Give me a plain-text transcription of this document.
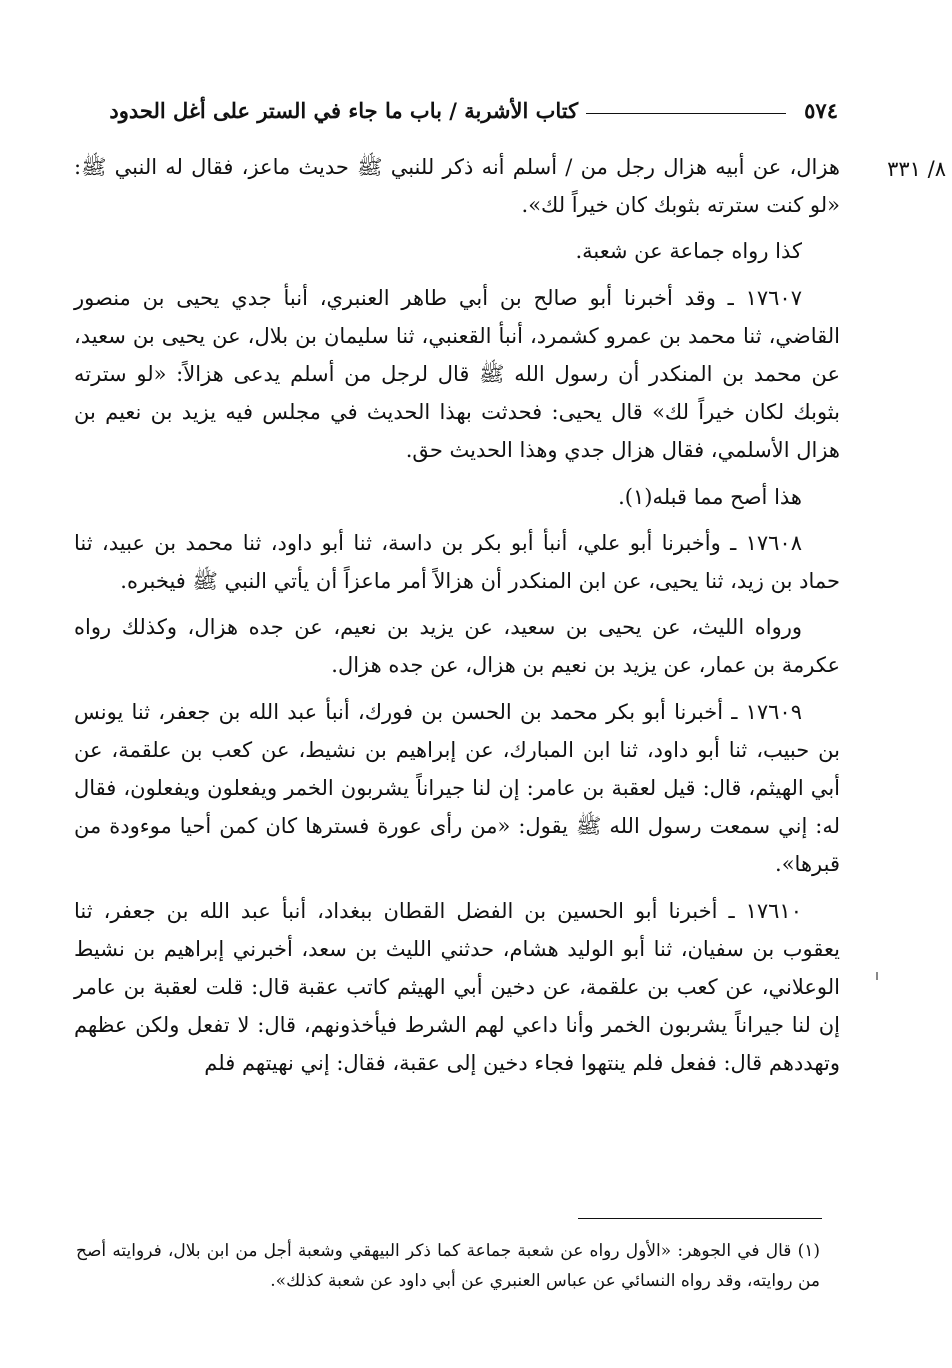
٥٧٤
كتاب الأشربة / باب ما جاء في الستر على أغل الحدود
٨/ ٣٣١

هزال، عن أبيه هزال رجل من / أسلم أنه ذكر للنبي ﷺ حديث ماعز، فقال له النبي ﷺ: «لو كنت سترته بثوبك كان خيراً لك».

كذا رواه جماعة عن شعبة.

١٧٦٠٧ ـ وقد أخبرنا أبو صالح بن أبي طاهر العنبري، أنبأ جدي يحيى بن منصور القاضي، ثنا محمد بن عمرو كشمرد، أنبأ القعنبي، ثنا سليمان بن بلال، عن يحيى بن سعيد، عن محمد بن المنكدر أن رسول الله ﷺ قال لرجل من أسلم يدعى هزالاً: «لو سترته بثوبك لكان خيراً لك» قال يحيى: فحدثت بهذا الحديث في مجلس فيه يزيد بن نعيم بن هزال الأسلمي، فقال هزال جدي وهذا الحديث حق.

هذا أصح مما قبله(١).

١٧٦٠٨ ـ وأخبرنا أبو علي، أنبأ أبو بكر بن داسة، ثنا أبو داود، ثنا محمد بن عبيد، ثنا حماد بن زيد، ثنا يحيى، عن ابن المنكدر أن هزالاً أمر ماعزاً أن يأتي النبي ﷺ فيخبره.

ورواه الليث، عن يحيى بن سعيد، عن يزيد بن نعيم، عن جده هزال، وكذلك رواه عكرمة بن عمار، عن يزيد بن نعيم بن هزال، عن جده هزال.

١٧٦٠٩ ـ أخبرنا أبو بكر محمد بن الحسن بن فورك، أنبأ عبد الله بن جعفر، ثنا يونس بن حبيب، ثنا أبو داود، ثنا ابن المبارك، عن إبراهيم بن نشيط، عن كعب بن علقمة، عن أبي الهيثم، قال: قيل لعقبة بن عامر: إن لنا جيراناً يشربون الخمر ويفعلون ويفعلون، فقال له: إني سمعت رسول الله ﷺ يقول: «من رأى عورة فسترها كان كمن أحيا موءودة من قبرها».

١٧٦١٠ ـ أخبرنا أبو الحسين بن الفضل القطان ببغداد، أنبأ عبد الله بن جعفر، ثنا يعقوب بن سفيان، ثنا أبو الوليد هشام، حدثني الليث بن سعد، أخبرني إبراهيم بن نشيط الوعلاني، عن كعب بن علقمة، عن دخين أبي الهيثم كاتب عقبة قال: قلت لعقبة بن عامر إن لنا جيراناً يشربون الخمر وأنا داعي لهم الشرط فيأخذونهم، قال: لا تفعل ولكن عظهم وتهددهم قال: ففعل فلم ينتهوا فجاء دخين إلى عقبة، فقال: إني نهيتهم فلم

(١) قال في الجوهر: «الأول رواه عن شعبة جماعة كما ذكر البيهقي وشعبة أجل من ابن بلال، فروايته أصح من روايته، وقد رواه النسائي عن عباس العنبري عن أبي داود عن شعبة كذلك».
